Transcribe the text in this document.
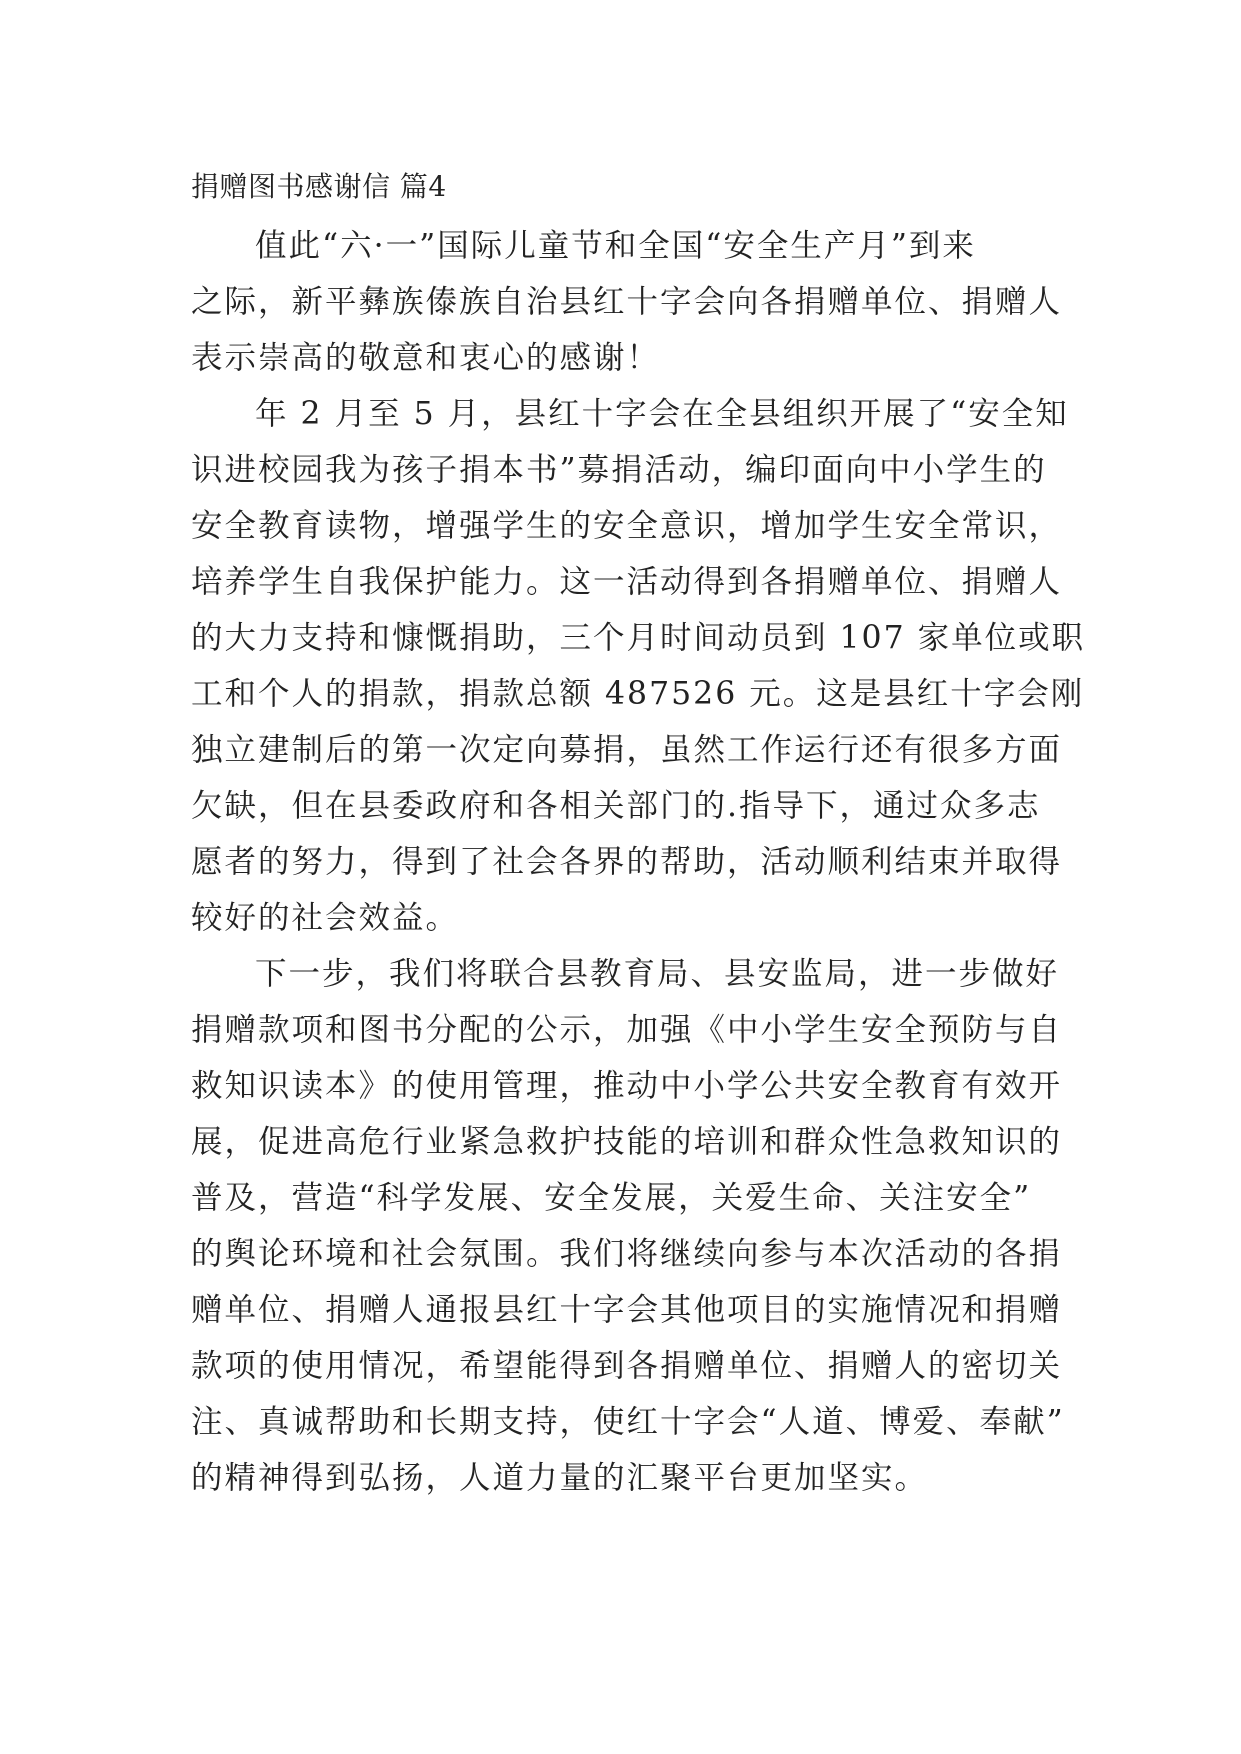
捐赠图书感谢信 篇4

值此“六·一”国际儿童节和全国“安全生产月”到来
之际，新平彝族傣族自治县红十字会向各捐赠单位、捐赠人
表示崇高的敬意和衷心的感谢！

年 2 月至 5 月，县红十字会在全县组织开展了“安全知
识进校园我为孩子捐本书”募捐活动，编印面向中小学生的
安全教育读物，增强学生的安全意识，增加学生安全常识，
培养学生自我保护能力。这一活动得到各捐赠单位、捐赠人
的大力支持和慷慨捐助，三个月时间动员到 107 家单位或职
工和个人的捐款，捐款总额 487526 元。这是县红十字会刚
独立建制后的第一次定向募捐，虽然工作运行还有很多方面
欠缺，但在县委政府和各相关部门的.指导下，通过众多志
愿者的努力，得到了社会各界的帮助，活动顺利结束并取得
较好的社会效益。

下一步，我们将联合县教育局、县安监局，进一步做好
捐赠款项和图书分配的公示，加强《中小学生安全预防与自
救知识读本》的使用管理，推动中小学公共安全教育有效开
展，促进高危行业紧急救护技能的培训和群众性急救知识的
普及，营造“科学发展、安全发展，关爱生命、关注安全”
的舆论环境和社会氛围。我们将继续向参与本次活动的各捐
赠单位、捐赠人通报县红十字会其他项目的实施情况和捐赠
款项的使用情况，希望能得到各捐赠单位、捐赠人的密切关
注、真诚帮助和长期支持，使红十字会“人道、博爱、奉献”
的精神得到弘扬，人道力量的汇聚平台更加坚实。
